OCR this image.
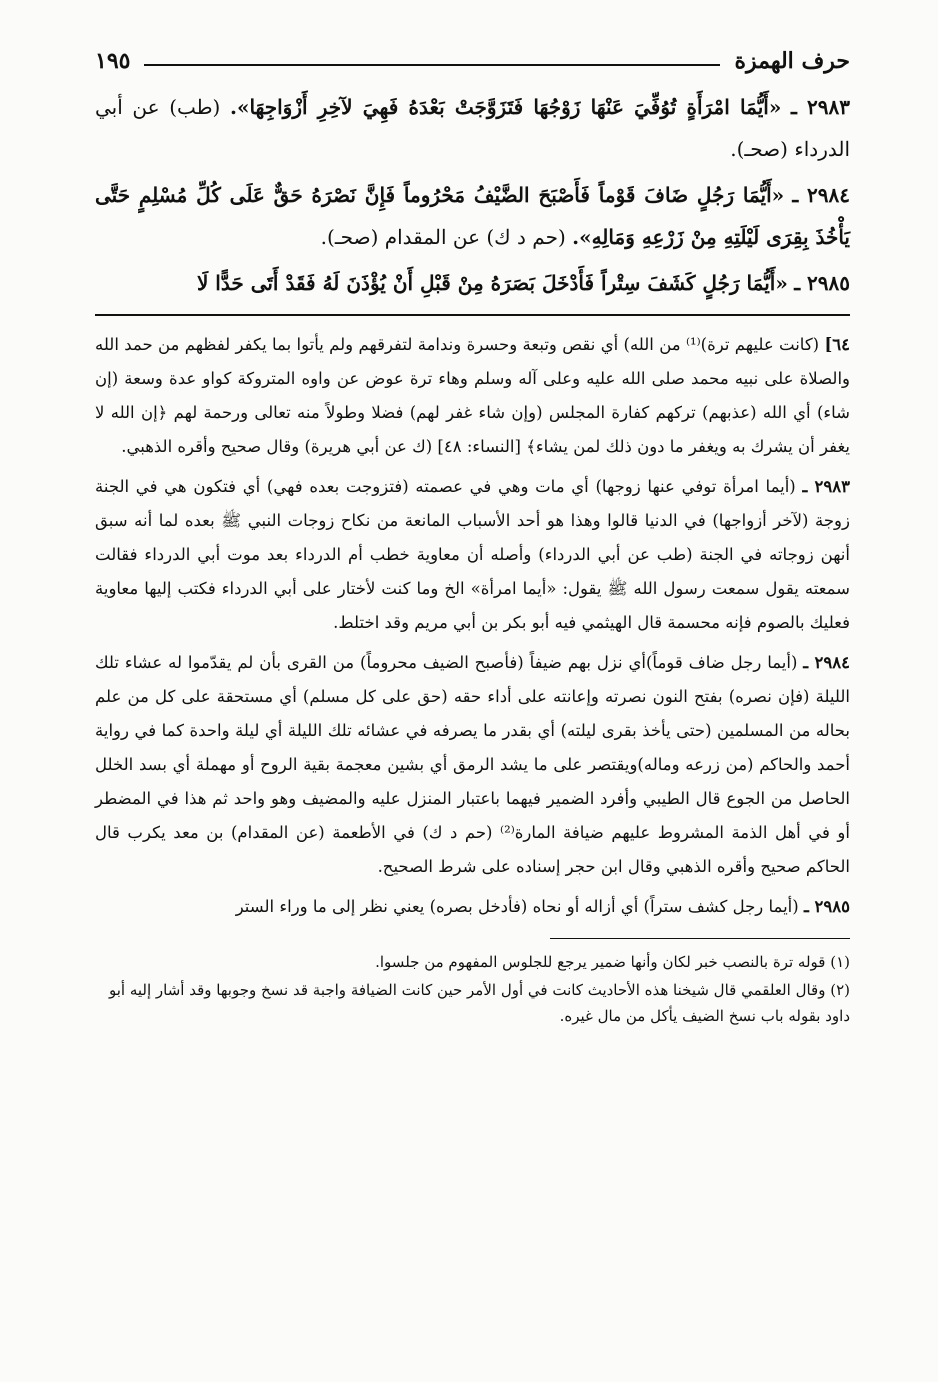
حرف الهمزة
١٩٥

٢٩٨٣ ـ «أَيُّمَا امْرَأَةٍ تُوُفِّيَ عَنْهَا زَوْجُهَا فَتَزَوَّجَتْ بَعْدَهُ فَهِيَ لآخِرِ أَزْوَاجِهَا». (طب) عن أبي الدرداء (صحـ).

٢٩٨٤ ـ «أَيُّمَا رَجُلٍ ضَافَ قَوْماً فَأَصْبَحَ الضَّيْفُ مَحْرُوماً فَإِنَّ نَصْرَهُ حَقٌّ عَلَى كُلِّ مُسْلِمٍ حَتَّى يَأْخُذَ بِقِرَى لَيْلَتِهِ مِنْ زَرْعِهِ وَمَالِهِ». (حم د ك) عن المقدام (صحـ).

٢٩٨٥ ـ «أَيُّمَا رَجُلٍ كَشَفَ سِتْراً فَأَدْخَلَ بَصَرَهُ مِنْ قَبْلِ أَنْ يُؤْذَنَ لَهُ فَقَدْ أَتَى حَدًّا لَا

٦٤] (كانت عليهم ترة)⁽¹⁾ من الله) أي نقص وتبعة وحسرة وندامة لتفرقهم ولم يأتوا بما يكفر لفظهم من حمد الله والصلاة على نبيه محمد صلى الله عليه وعلى آله وسلم وهاء ترة عوض عن واوه المتروكة كواو عدة وسعة (إن شاء) أي الله (عذبهم) تركهم كفارة المجلس (وإن شاء غفر لهم) فضلا وطولاً منه تعالى ورحمة لهم ﴿إن الله لا يغفر أن يشرك به ويغفر ما دون ذلك لمن يشاء﴾ [النساء: ٤٨] (ك عن أبي هريرة) وقال صحيح وأقره الذهبي.

٢٩٨٣ ـ (أيما امرأة توفي عنها زوجها) أي مات وهي في عصمته (فتزوجت بعده فهي) أي فتكون هي في الجنة زوجة (لآخر أزواجها) في الدنيا قالوا وهذا هو أحد الأسباب المانعة من نكاح زوجات النبي ﷺ بعده لما أنه سبق أنهن زوجاته في الجنة (طب عن أبي الدرداء) وأصله أن معاوية خطب أم الدرداء بعد موت أبي الدرداء فقالت سمعته يقول سمعت رسول الله ﷺ يقول: «أيما امرأة» الخ وما كنت لأختار على أبي الدرداء فكتب إليها معاوية فعليك بالصوم فإنه محسمة قال الهيثمي فيه أبو بكر بن أبي مريم وقد اختلط.

٢٩٨٤ ـ (أيما رجل ضاف قوماً)أي نزل بهم ضيفاً (فأصبح الضيف محروماً) من القرى بأن لم يقدّموا له عشاء تلك الليلة (فإن نصره) بفتح النون نصرته وإعانته على أداء حقه (حق على كل مسلم) أي مستحقة على كل من علم بحاله من المسلمين (حتى يأخذ بقرى ليلته) أي بقدر ما يصرفه في عشائه تلك الليلة أي ليلة واحدة كما في رواية أحمد والحاكم (من زرعه وماله)ويقتصر على ما يشد الرمق أي بشين معجمة بقية الروح أو مهملة أي بسد الخلل الحاصل من الجوع قال الطيبي وأفرد الضمير فيهما باعتبار المنزل عليه والمضيف وهو واحد ثم هذا في المضطر أو في أهل الذمة المشروط عليهم ضيافة المارة⁽²⁾ (حم د ك) في الأطعمة (عن المقدام) بن معد يكرب قال الحاكم صحيح وأقره الذهبي وقال ابن حجر إسناده على شرط الصحيح.

٢٩٨٥ ـ (أيما رجل كشف ستراً) أي أزاله أو نحاه (فأدخل بصره) يعني نظر إلى ما وراء الستر

(١) قوله ترة بالنصب خبر لكان وأنها ضمير يرجع للجلوس المفهوم من جلسوا.

(٢) وقال العلقمي قال شيخنا هذه الأحاديث كانت في أول الأمر حين كانت الضيافة واجبة قد نسخ وجوبها وقد أشار إليه أبو داود بقوله باب نسخ الضيف يأكل من مال غيره.
